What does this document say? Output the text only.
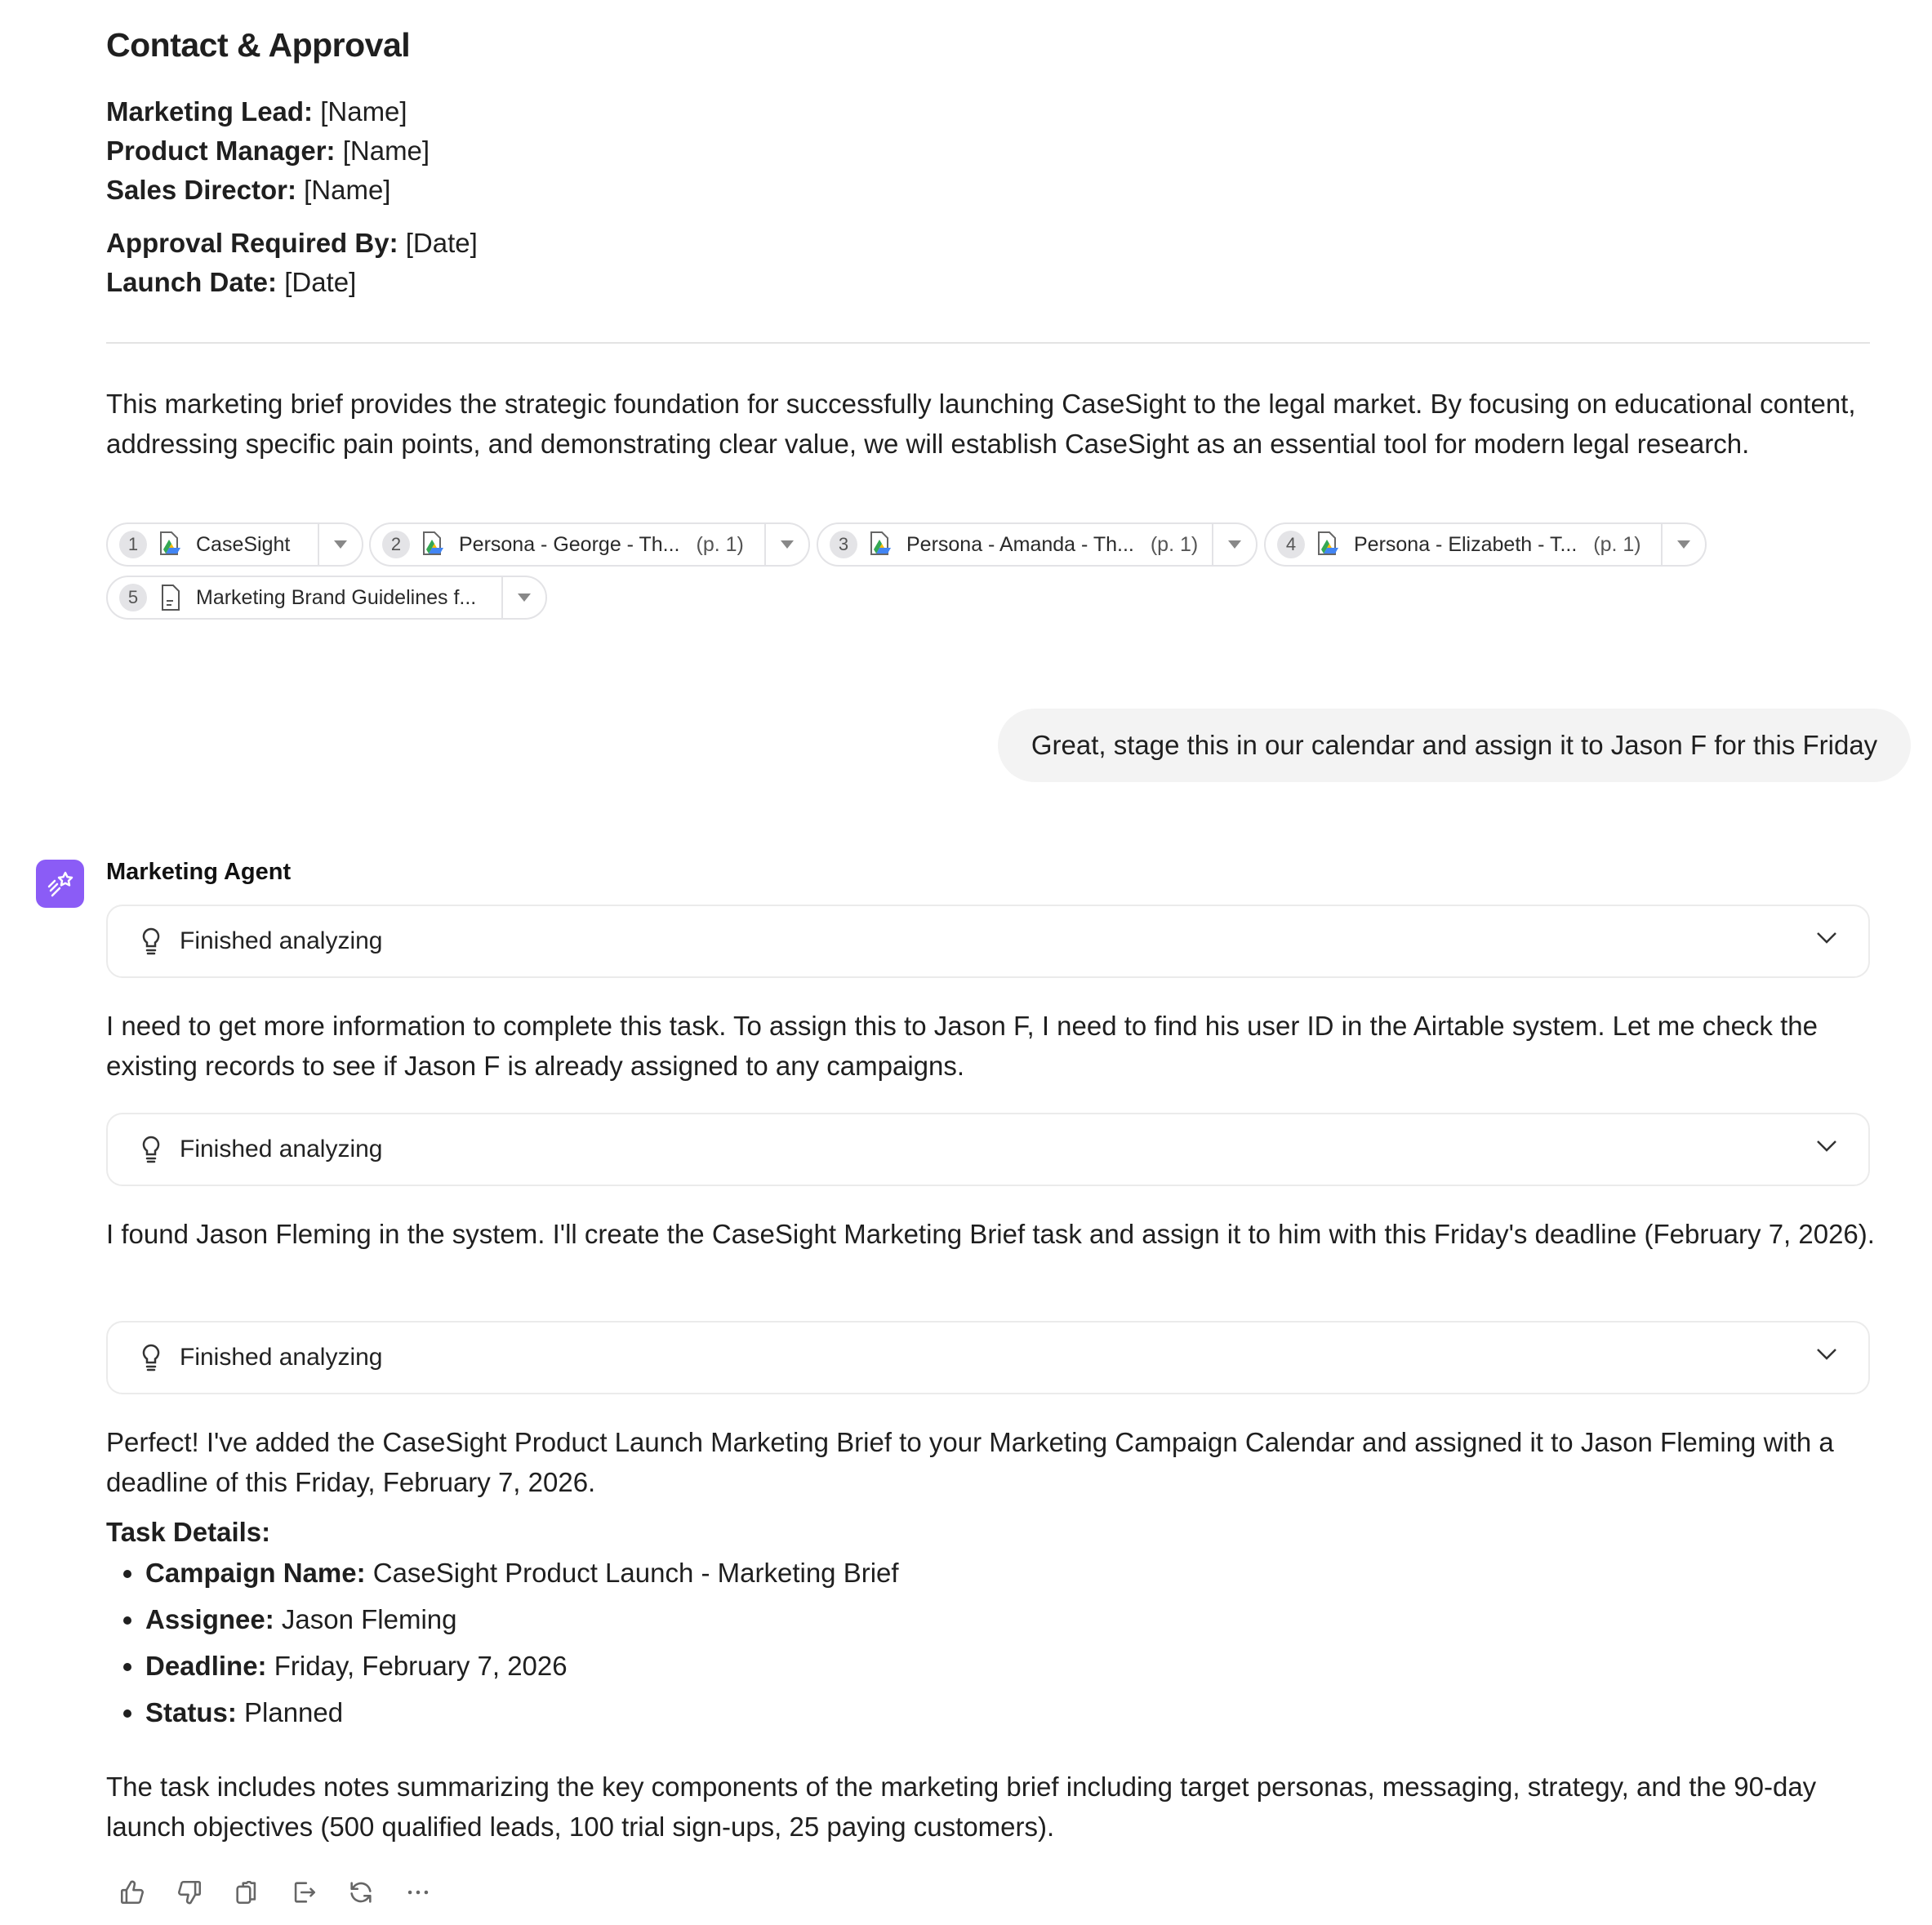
Contact & Approval
Marketing Lead: [Name]
Product Manager: [Name]
Sales Director: [Name]
Approval Required By: [Date]
Launch Date: [Date]
This marketing brief provides the strategic foundation for successfully launching CaseSight to the legal market. By focusing on educational content, addressing specific pain points, and demonstrating clear value, we will establish CaseSight as an essential tool for modern legal research.
1	CaseSight	2	Persona - George - Th... (p. 1)	3	Persona - Amanda - Th... (p. 1)	4	Persona - Elizabeth - T... (p. 1)
5	Marketing Brand Guidelines f...
Great, stage this in our calendar and assign it to Jason F for this Friday
Marketing Agent
Finished analyzing
I need to get more information to complete this task. To assign this to Jason F, I need to find his user ID in the Airtable system. Let me check the existing records to see if Jason F is already assigned to any campaigns.
Finished analyzing
I found Jason Fleming in the system. I'll create the CaseSight Marketing Brief task and assign it to him with this Friday's deadline (February 7, 2026).
Finished analyzing
Perfect! I've added the CaseSight Product Launch Marketing Brief to your Marketing Campaign Calendar and assigned it to Jason Fleming with a deadline of this Friday, February 7, 2026.
Task Details:
• Campaign Name: CaseSight Product Launch - Marketing Brief
• Assignee: Jason Fleming
• Deadline: Friday, February 7, 2026
• Status: Planned
The task includes notes summarizing the key components of the marketing brief including target personas, messaging, strategy, and the 90-day launch objectives (500 qualified leads, 100 trial sign-ups, 25 paying customers).
